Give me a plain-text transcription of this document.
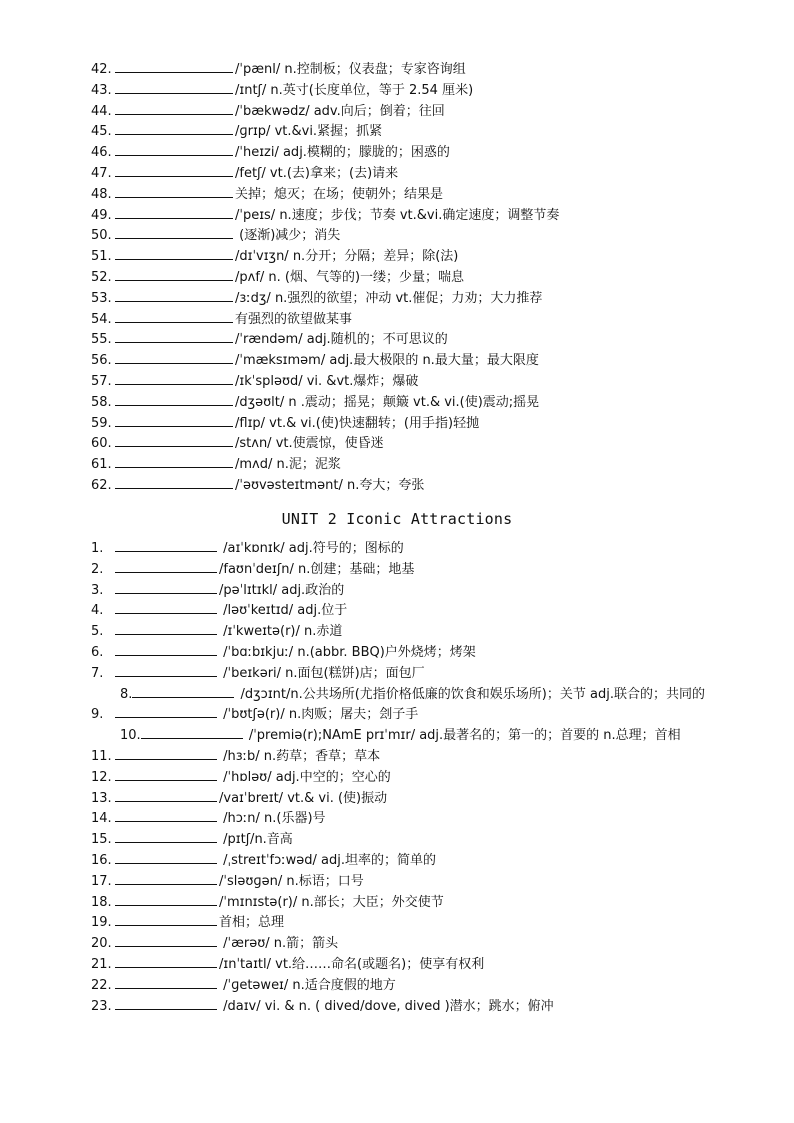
42.	/ˈpænl/ n.控制板；仪表盘；专家咨询组
43.	/ɪntʃ/ n.英寸(长度单位，等于 2.54 厘米)
44.	/ˈbækwədz/ adv.向后；倒着；往回
45.	/ɡrɪp/ vt.&vi.紧握；抓紧
46.	/ˈheɪzi/ adj.模糊的；朦胧的；困惑的
47.	/fetʃ/ vt.(去)拿来；(去)请来
48.	关掉；熄灭；在场；使朝外；结果是
49.	/ˈpeɪs/ n.速度；步伐；节奏 vt.&vi.确定速度；调整节奏
50.	(逐渐)减少；消失
51.	/dɪˈvɪʒn/ n.分开；分隔；差异；除(法)
52.	/pʌf/ n. (烟、气等的)一缕；少量；喘息
53.	/ɜːdʒ/ n.强烈的欲望；冲动 vt.催促；力劝；大力推荐
54.	有强烈的欲望做某事
55.	/ˈrændəm/ adj.随机的；不可思议的
56.	/ˈmæksɪməm/ adj.最大极限的 n.最大量；最大限度
57.	/ɪkˈspləʊd/ vi. &vt.爆炸；爆破
58.	/dʒəʊlt/ n .震动；摇晃；颠簸 vt.& vi.(使)震动;摇晃
59.	/flɪp/ vt.& vi.(使)快速翻转；(用手指)轻抛
60.	/stʌn/ vt.使震惊，使昏迷
61.	/mʌd/ n.泥；泥浆
62.	/ˈəʊvəsteɪtmənt/ n.夸大；夸张
UNIT 2 Iconic Attractions
1.	/aɪˈkɒnɪk/ adj.符号的；图标的
2.	/faʊnˈdeɪʃn/ n.创建；基础；地基
3.	/pəˈlɪtɪkl/ adj.政治的
4.	/ləʊˈkeɪtɪd/ adj.位于
5.	/ɪˈkweɪtə(r)/ n.赤道
6.	/ˈbɑːbɪkjuː/ n.(abbr. BBQ)户外烧烤；烤架
7.	/ˈbeɪkəri/ n.面包(糕饼)店；面包厂
8.	/dʒɔɪnt/n.公共场所(尤指价格低廉的饮食和娱乐场所)；关节 adj.联合的；共同的
9.	/ˈbʊtʃə(r)/ n.肉贩；屠夫；刽子手
10.	/ˈpremiə(r);NAmE prɪˈmɪr/ adj.最著名的；第一的；首要的 n.总理；首相
11.	/hɜːb/ n.药草；香草；草本
12.	/ˈhɒləʊ/ adj.中空的；空心的
13.	/vaɪˈbreɪt/ vt.& vi. (使)振动
14.	/hɔːn/ n.(乐器)号
15.	/pɪtʃ/n.音高
16.	/ˌstreɪtˈfɔːwəd/ adj.坦率的；简单的
17.	/ˈsləʊɡən/ n.标语；口号
18.	/ˈmɪnɪstə(r)/ n.部长；大臣；外交使节
19.	首相；总理
20.	/ˈærəʊ/ n.箭；箭头
21.	/ɪnˈtaɪtl/ vt.给……命名(或题名)；使享有权利
22.	/ˈɡetəweɪ/ n.适合度假的地方
23.	/daɪv/ vi. & n. ( dived/dove, dived )潜水；跳水；俯冲
